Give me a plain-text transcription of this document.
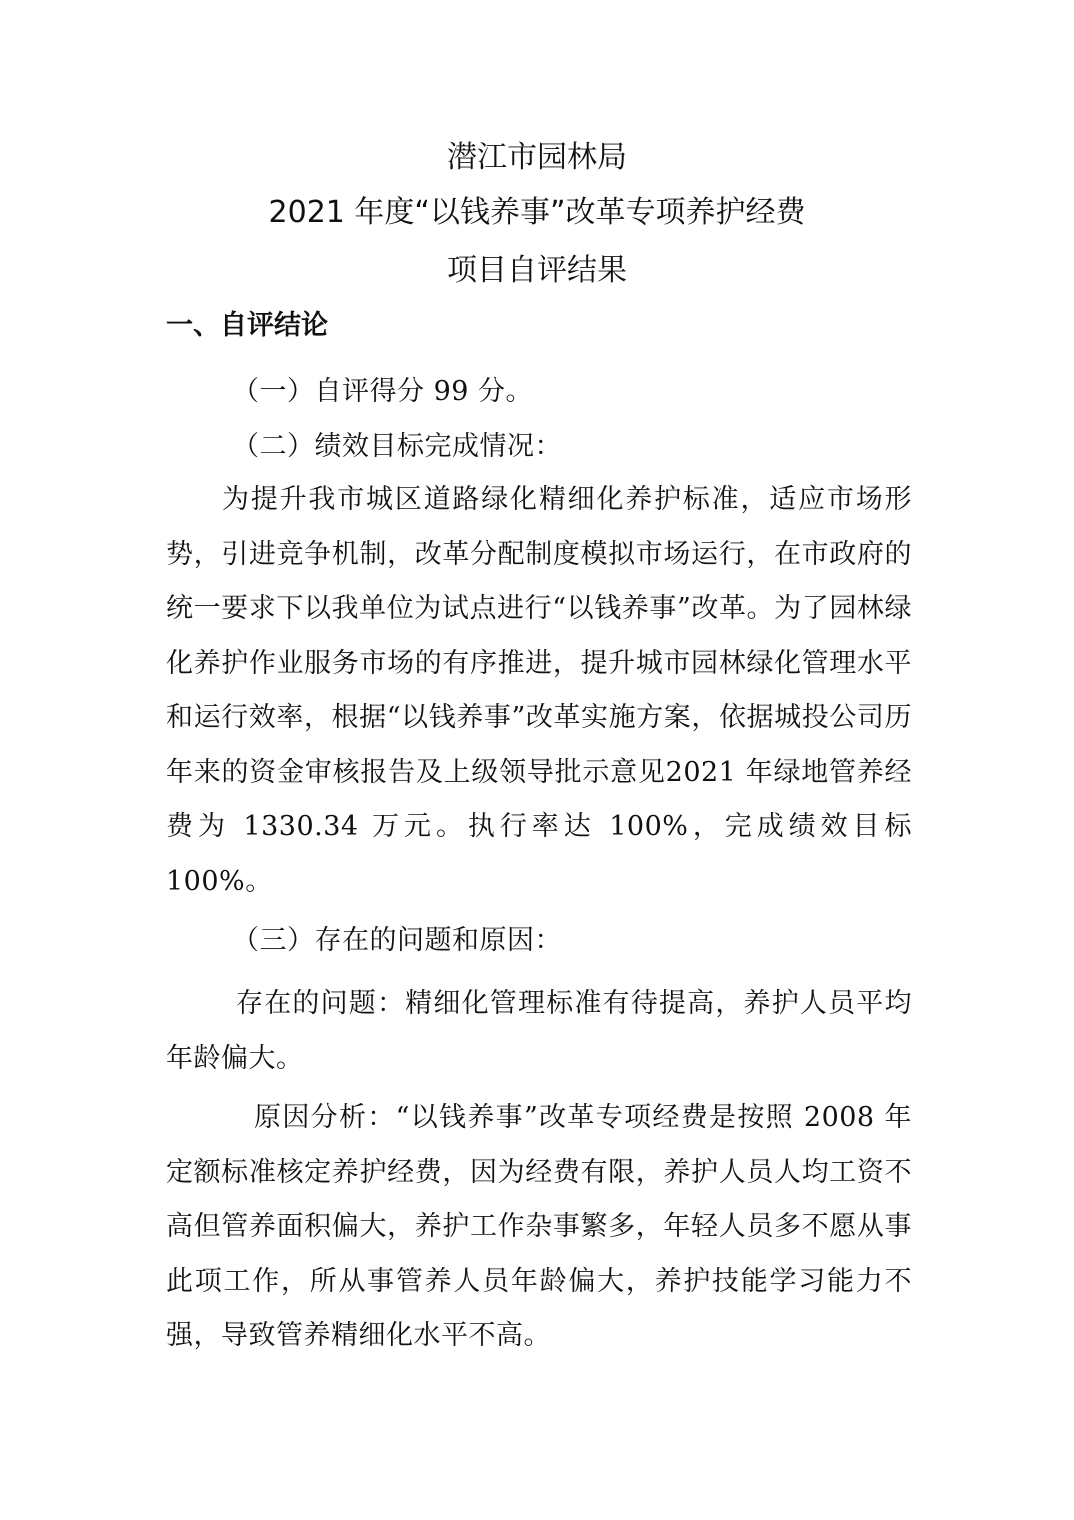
潜江市园林局
2021 年度“以钱养事”改革专项养护经费
项目自评结果
一、自评结论

（一）自评得分 99 分。

（二）绩效目标完成情况：

为提升我市城区道路绿化精细化养护标准，适应市场形势，引进竞争机制，改革分配制度模拟市场运行，在市政府的统一要求下以我单位为试点进行“以钱养事”改革。为了园林绿化养护作业服务市场的有序推进，提升城市园林绿化管理水平和运行效率，根据“以钱养事”改革实施方案，依据城投公司历年来的资金审核报告及上级领导批示意见2021 年绿地管养经费为 1330.34 万元。执行率达 100%，完成绩效目标 100%。

（三）存在的问题和原因：

存在的问题：精细化管理标准有待提高，养护人员平均年龄偏大。

原因分析：“以钱养事”改革专项经费是按照 2008 年定额标准核定养护经费，因为经费有限，养护人员人均工资不高但管养面积偏大，养护工作杂事繁多，年轻人员多不愿从事此项工作，所从事管养人员年龄偏大，养护技能学习能力不强，导致管养精细化水平不高。
